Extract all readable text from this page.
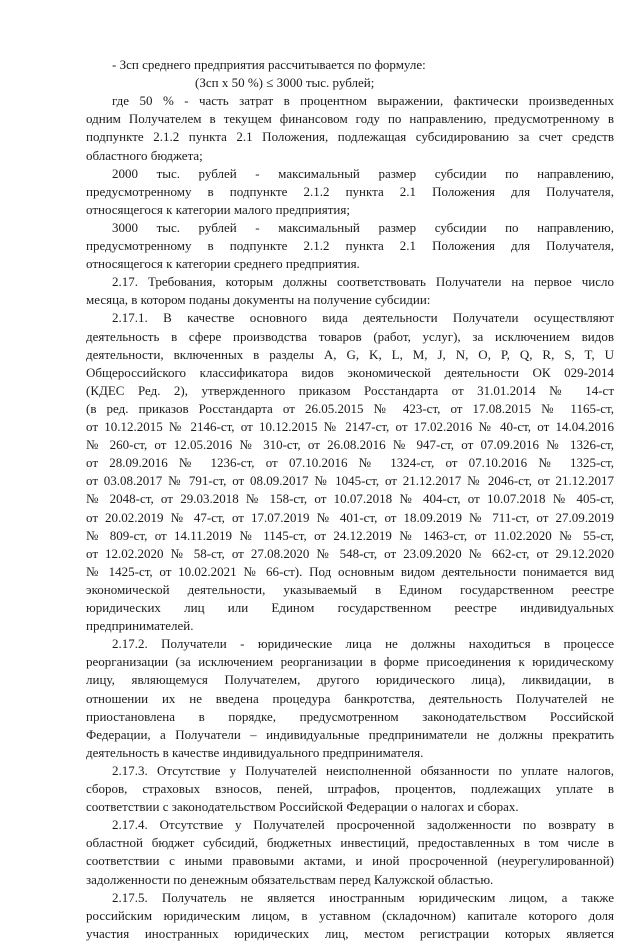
- Зсп среднего предприятия рассчитывается по формуле:
(Зсп x 50 %) ≤ 3000 тыс. рублей;
где 50 % - часть затрат в процентном выражении, фактически произведенных
одним Получателем в текущем финансовом году по направлению, предусмотренному в
подпункте 2.1.2 пункта 2.1 Положения, подлежащая субсидированию за счет средств
областного бюджета;
2000 тыс. рублей - максимальный размер субсидии по направлению,
предусмотренному в подпункте 2.1.2 пункта 2.1 Положения для Получателя,
относящегося к категории малого предприятия;
3000 тыс. рублей - максимальный размер субсидии по направлению,
предусмотренному в подпункте 2.1.2 пункта 2.1 Положения для Получателя,
относящегося к категории среднего предприятия.
2.17. Требования, которым должны соответствовать Получатели на первое число
месяца, в котором поданы документы на получение субсидии:
2.17.1. В качестве основного вида деятельности Получатели осуществляют
деятельность в сфере производства товаров (работ, услуг), за исключением видов
деятельности, включенных в разделы A, G, K, L, M, J, N, O, P, Q, R, S, T, U
Общероссийского классификатора видов экономической деятельности ОК 029-2014
(КДЕС Ред. 2), утвержденного приказом Росстандарта от 31.01.2014 № 14-ст
(в ред. приказов Росстандарта от 26.05.2015 № 423-ст, от 17.08.2015 № 1165-ст,
от 10.12.2015 № 2146-ст, от 10.12.2015 № 2147-ст, от 17.02.2016 № 40-ст, от 14.04.2016
№ 260-ст, от 12.05.2016 № 310-ст, от 26.08.2016 № 947-ст, от 07.09.2016 № 1326-ст,
от 28.09.2016 № 1236-ст, от 07.10.2016 № 1324-ст, от 07.10.2016 № 1325-ст,
от 03.08.2017 № 791-ст, от 08.09.2017 № 1045-ст, от 21.12.2017 № 2046-ст, от 21.12.2017
№ 2048-ст, от 29.03.2018 № 158-ст, от 10.07.2018 № 404-ст, от 10.07.2018 № 405-ст,
от 20.02.2019 № 47-ст, от 17.07.2019 № 401-ст, от 18.09.2019 № 711-ст, от 27.09.2019
№ 809-ст, от 14.11.2019 № 1145-ст, от 24.12.2019 № 1463-ст, от 11.02.2020 № 55-ст,
от 12.02.2020 № 58-ст, от 27.08.2020 № 548-ст, от 23.09.2020 № 662-ст, от 29.12.2020
№ 1425-ст, от 10.02.2021 № 66-ст). Под основным видом деятельности понимается вид
экономической деятельности, указываемый в Едином государственном реестре
юридических лиц или Едином государственном реестре индивидуальных
предпринимателей.
2.17.2. Получатели - юридические лица не должны находиться в процессе
реорганизации (за исключением реорганизации в форме присоединения к юридическому
лицу, являющемуся Получателем, другого юридического лица), ликвидации, в
отношении их не введена процедура банкротства, деятельность Получателей не
приостановлена в порядке, предусмотренном законодательством Российской
Федерации, а Получатели – индивидуальные предприниматели не должны прекратить
деятельность в качестве индивидуального предпринимателя.
2.17.3. Отсутствие у Получателей неисполненной обязанности по уплате налогов,
сборов, страховых взносов, пеней, штрафов, процентов, подлежащих уплате в
соответствии с законодательством Российской Федерации о налогах и сборах.
2.17.4. Отсутствие у Получателей просроченной задолженности по возврату в
областной бюджет субсидий, бюджетных инвестиций, предоставленных в том числе в
соответствии с иными правовыми актами, и иной просроченной (неурегулированной)
задолженности по денежным обязательствам перед Калужской областью.
2.17.5. Получатель не является иностранным юридическим лицом, а также
российским юридическим лицом, в уставном (складочном) капитале которого доля
участия иностранных юридических лиц, местом регистрации которых является
